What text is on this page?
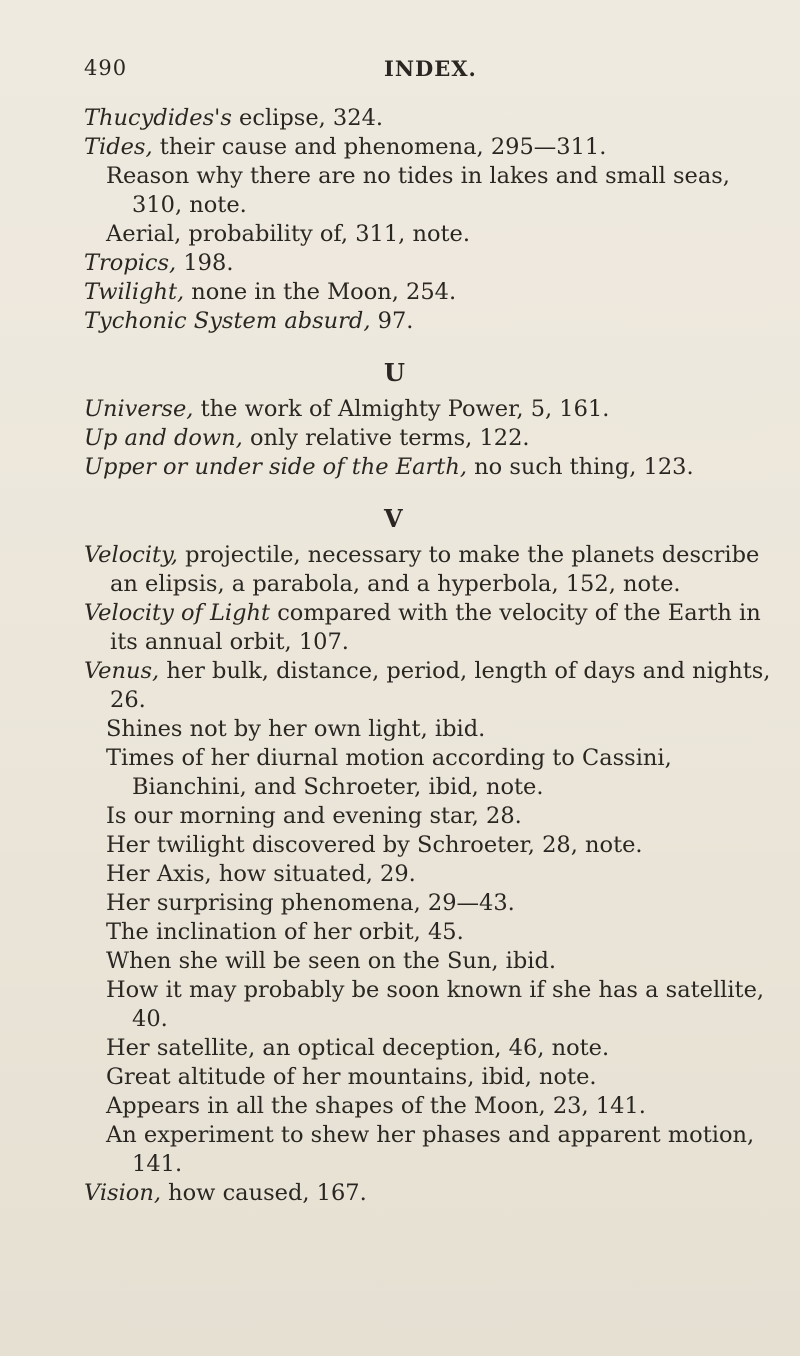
490	INDEX.

Thucydides's eclipse, 324.

Tides, their cause and phenomena, 295—311.

Reason why there are no tides in lakes and small seas, 310, note.

Aerial, probability of, 311, note.

Tropics, 198.

Twilight, none in the Moon, 254.

Tychonic System absurd, 97.

U

Universe, the work of Almighty Power, 5, 161.

Up and down, only relative terms, 122.

Upper or under side of the Earth, no such thing, 123.

V

Velocity, projectile, necessary to make the planets describe an elipsis, a parabola, and a hyperbola, 152, note.

Velocity of Light compared with the velocity of the Earth in its annual orbit, 107.

Venus, her bulk, distance, period, length of days and nights, 26.

Shines not by her own light, ibid.

Times of her diurnal motion according to Cassini, Bianchini, and Schroeter, ibid, note.

Is our morning and evening star, 28.

Her twilight discovered by Schroeter, 28, note.

Her Axis, how situated, 29.

Her surprising phenomena, 29—43.

The inclination of her orbit, 45.

When she will be seen on the Sun, ibid.

How it may probably be soon known if she has a satellite, 40.

Her satellite, an optical deception, 46, note.

Great altitude of her mountains, ibid, note.

Appears in all the shapes of the Moon, 23, 141.

An experiment to shew her phases and apparent motion, 141.

Vision, how caused, 167.
